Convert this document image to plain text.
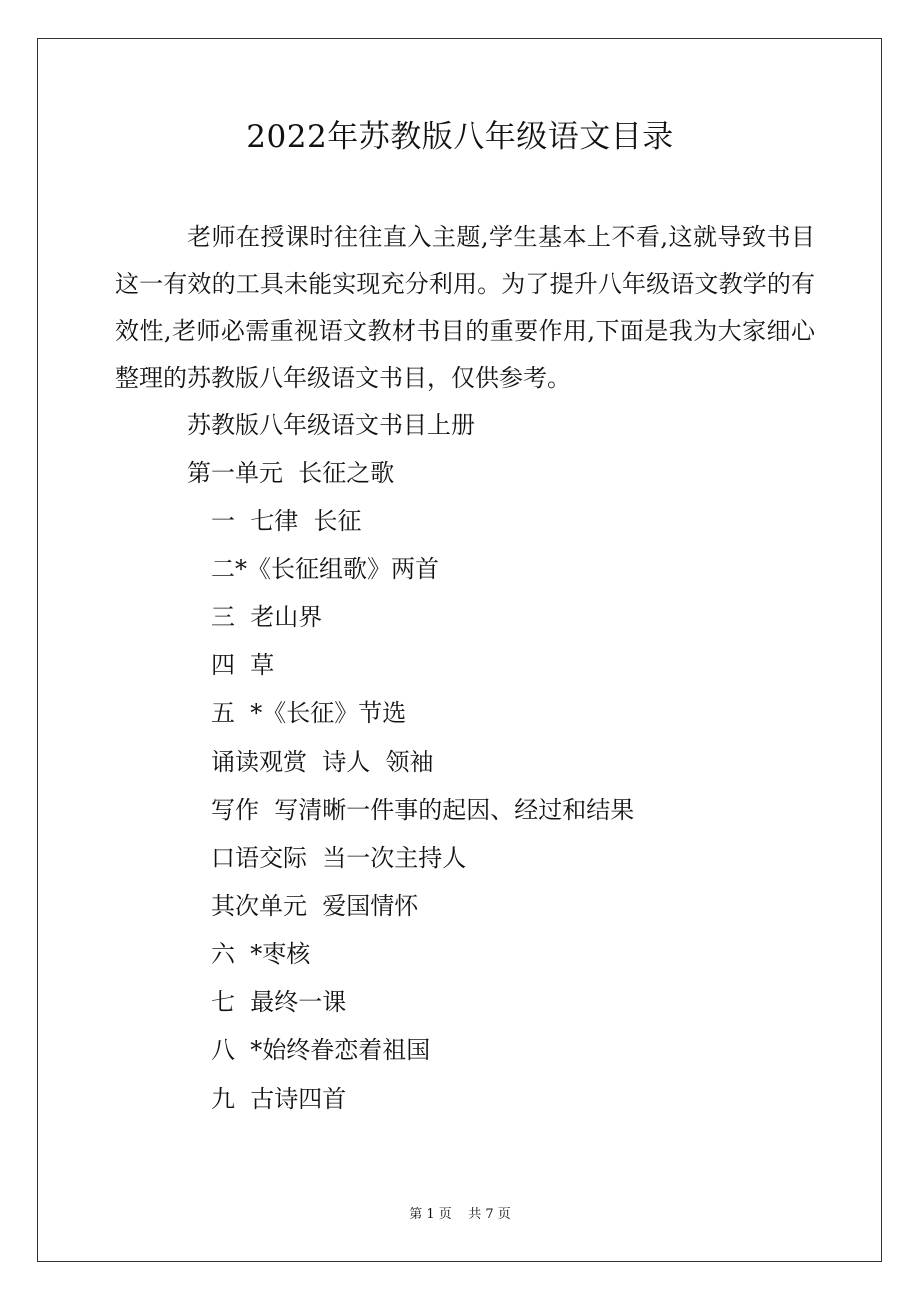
2022年苏教版八年级语文目录

老师在授课时往往直入主题,学生基本上不看,这就导致书目这一有效的工具未能实现充分利用。为了提升八年级语文教学的有效性,老师必需重视语文教材书目的重要作用,下面是我为大家细心整理的苏教版八年级语文书目，仅供参考。

苏教版八年级语文书目上册
第一单元  长征之歌
一  七律  长征
二*《长征组歌》两首
三  老山界
四  草
五  *《长征》节选
诵读观赏  诗人  领袖
写作  写清晰一件事的起因、经过和结果
口语交际  当一次主持人
其次单元  爱国情怀
六  *枣核
七  最终一课
八  *始终眷恋着祖国
九  古诗四首
第 1 页    共 7 页
